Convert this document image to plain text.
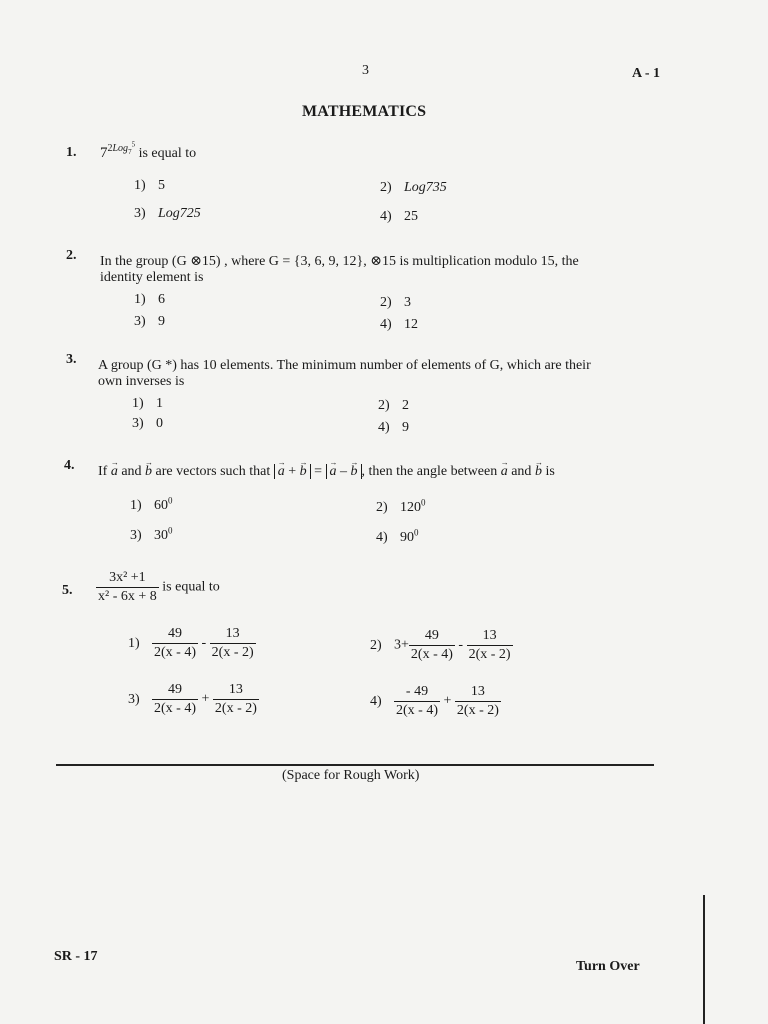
3	A - 1
MATHEMATICS
1. $7^{2Log_7^5}$ is equal to
1) 5	2) Log735
3) Log725	4) 25
2. In the group (G ⊗15) , where G = {3, 6, 9, 12}, ⊗15 is multiplication modulo 15, the
identity element is
1) 6	2) 3
3) 9	4) 12
3. A group (G *) has 10 elements. The minimum number of elements of G, which are their
own inverses is
1) 1	2) 2
3) 0	4) 9
4. If → a and → b are vectors such that → a + → b = → a – → b , then the angle between → a and → b is
1) $60^0$	2) $120^0$
3) $30^0$	4) $90^0$
5. $\frac{\text{3x² +1}}{\text{x² - 6x + 8}}$ is equal to
$1) \frac{49}{2(x - 4)} - \frac{13}{2(x - 2)}$	2) $3+ \frac{49}{2(x - 4)} - \frac{13}{2(x - 2)}$
$3) \frac{49}{2(x - 4)} + \frac{13}{2(x - 2)}$	$4) \frac{- 49}{2(x - 4)} + \frac{13}{2(x - 2)}$
(Space for Rough Work)
SR - 17
Turn Over
